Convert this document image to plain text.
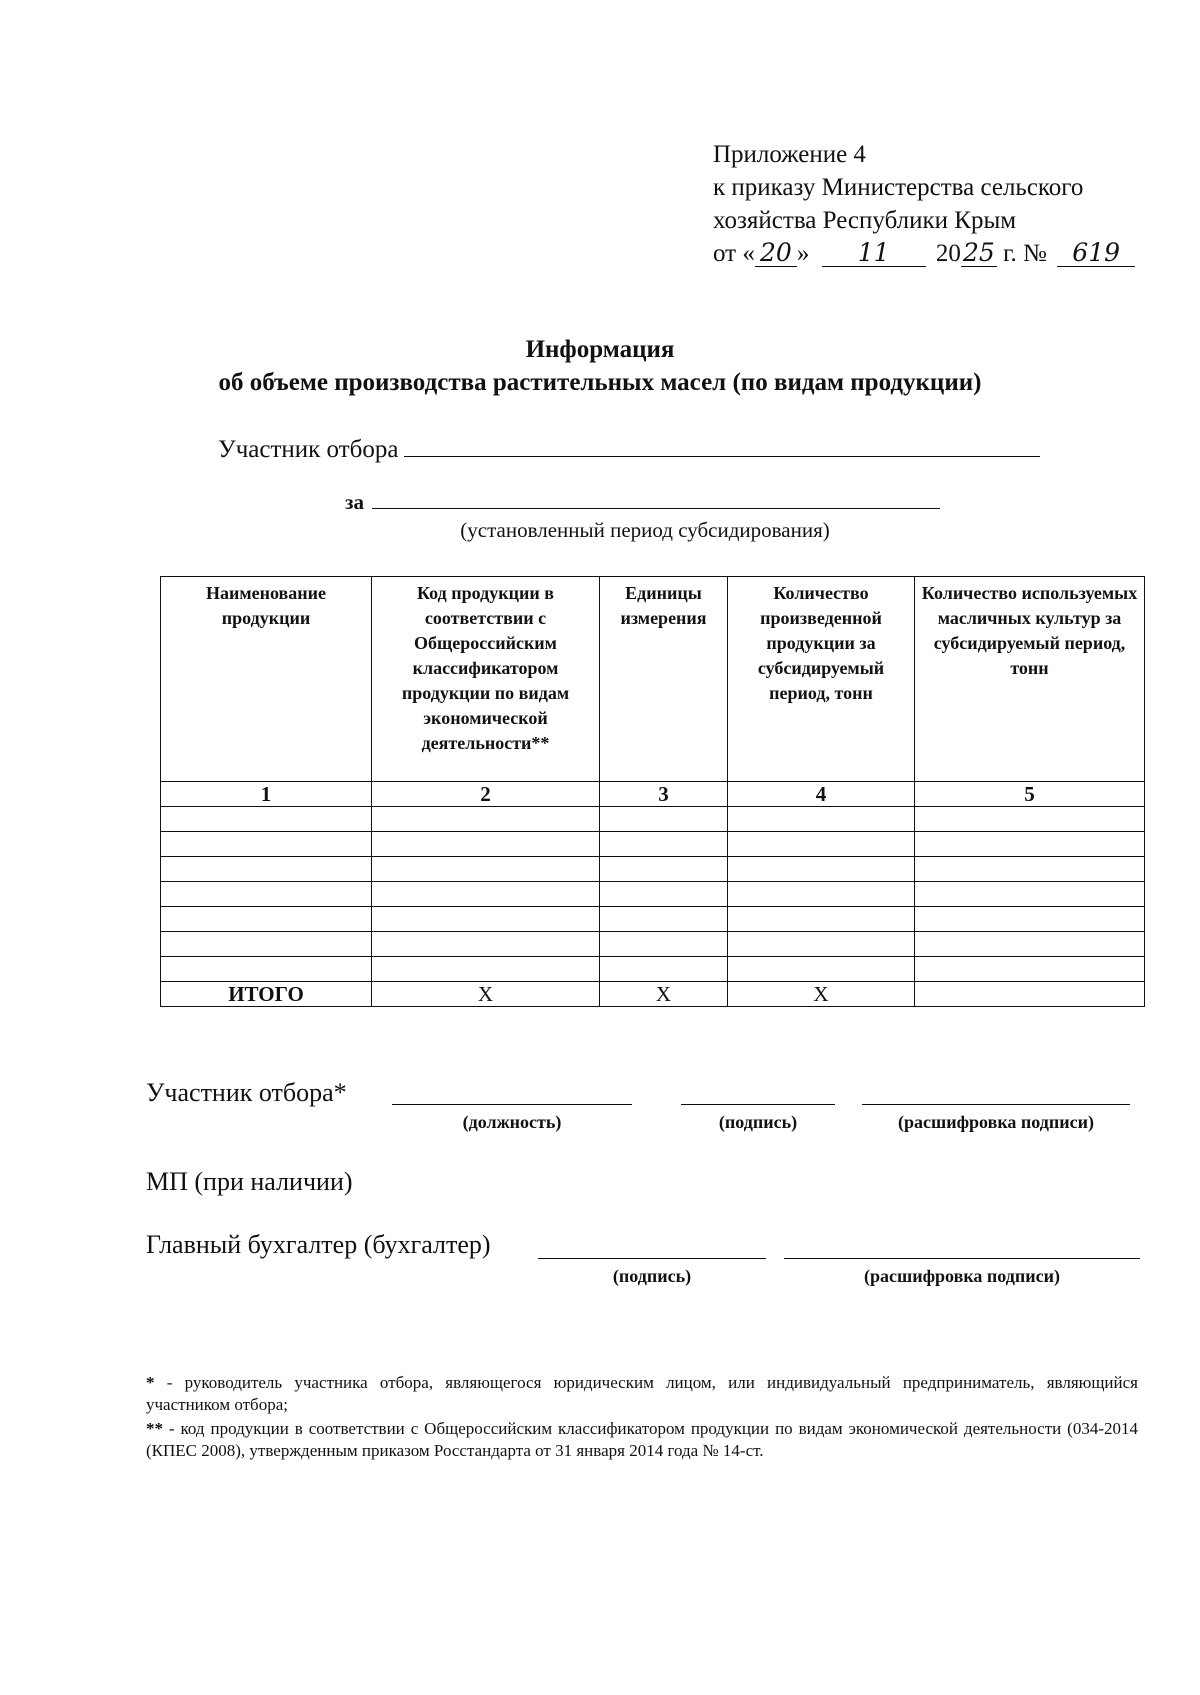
Приложение 4
к приказу Министерства сельского
хозяйства Республики Крым
от « 20 » 11 2025 г. № 619
Информация
об объеме производства растительных масел (по видам продукции)
Участник отбора
за
(установленный период субсидирования)
Наименование продукции	Код продукции в соответствии с Общероссийским классификатором продукции по видам экономической деятельности**	Единицы измерения	Количество произведенной продукции за субсидируемый период, тонн	Количество используемых масличных культур за субсидируемый период, тонн
1	2	3	4	5

ИТОГО	X	X	X	
Участник отбора*
(должность)	(подпись)	(расшифровка подписи)
МП (при наличии)
Главный бухгалтер (бухгалтер)
(подпись)	(расшифровка подписи)
* - руководитель участника отбора, являющегося юридическим лицом, или индивидуальный предприниматель, являющийся участником отбора;
** - код продукции в соответствии с Общероссийским классификатором продукции по видам экономической деятельности (034-2014 (КПЕС 2008), утвержденным приказом Росстандарта от 31 января 2014 года № 14-ст.
